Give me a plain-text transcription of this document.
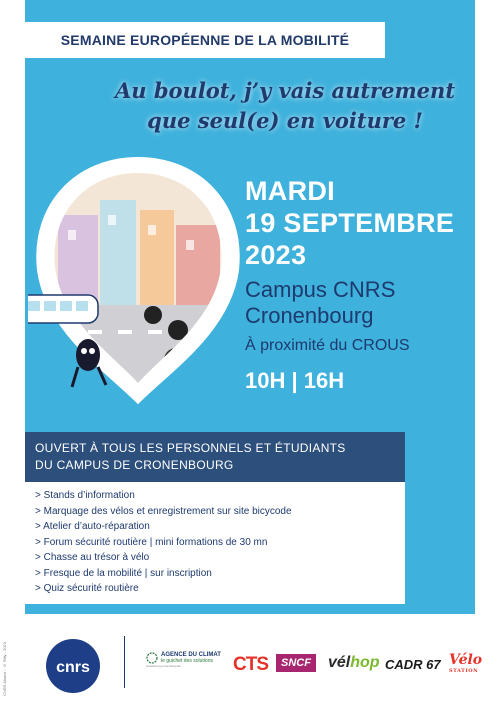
SEMAINE EUROPÉENNE DE LA MOBILITÉ
Au boulot, j’y vais autrement
que seul(e) en voiture !
MARDI
19 SEPTEMBRE
2023
Campus CNRS
Cronenbourg
À proximité du CROUS
10H | 16H
OUVERT À TOUS LES PERSONNELS ET ÉTUDIANTS
DU CAMPUS DE CRONENBOURG
> Stands d’information
> Marquage des vélos et enregistrement sur site bicycode
> Atelier d’auto-réparation
> Forum sécurité routière | mini formations de 30 mn
> Chasse au trésor à vélo
> Fresque de la mobilité | sur inscription
> Quiz sécurité routière
CNRS Alsace - © Rilly - 2023	cnrs
AGENCE DU CLIMAT
le guichet des solutions
Strasbourg eurométropole	CTS	SNCF	vélhop CADR 67 Vélo
STATION
